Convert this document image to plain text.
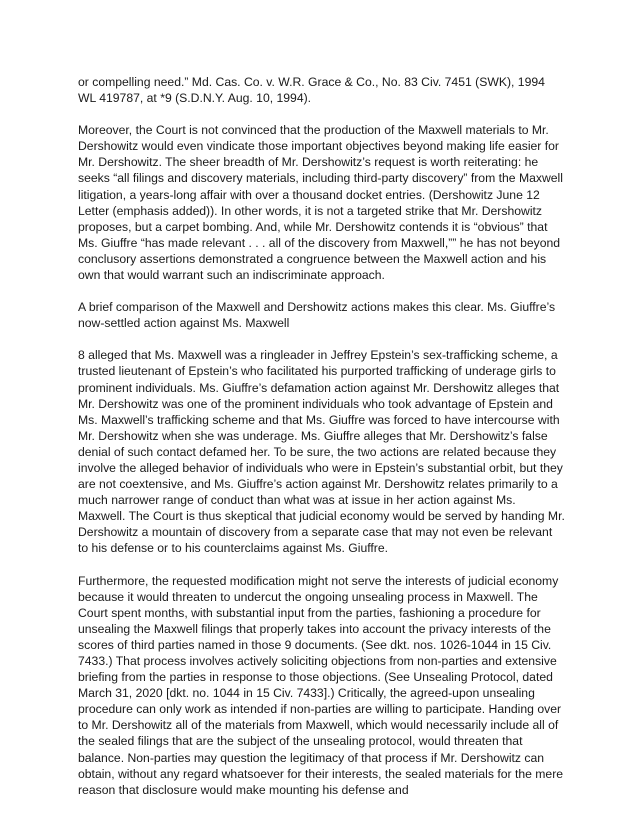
or compelling need.” Md. Cas. Co. v. W.R. Grace & Co., No. 83 Civ. 7451 (SWK), 1994 WL 419787, at *9 (S.D.N.Y. Aug. 10, 1994).

Moreover, the Court is not convinced that the production of the Maxwell materials to Mr. Dershowitz would even vindicate those important objectives beyond making life easier for Mr. Dershowitz. The sheer breadth of Mr. Dershowitz’s request is worth reiterating: he seeks “all filings and discovery materials, including third-party discovery” from the Maxwell litigation, a years-long affair with over a thousand docket entries. (Dershowitz June 12 Letter (emphasis added)). In other words, it is not a targeted strike that Mr. Dershowitz proposes, but a carpet bombing. And, while Mr. Dershowitz contends it is “obvious” that Ms. Giuffre “has made relevant . . . all of the discovery from Maxwell,”” he has not beyond conclusory assertions demonstrated a congruence between the Maxwell action and his own that would warrant such an indiscriminate approach.

A brief comparison of the Maxwell and Dershowitz actions makes this clear. Ms. Giuffre’s now-settled action against Ms. Maxwell

8 alleged that Ms. Maxwell was a ringleader in Jeffrey Epstein’s sex-trafficking scheme, a trusted lieutenant of Epstein’s who facilitated his purported trafficking of underage girls to prominent individuals. Ms. Giuffre’s defamation action against Mr. Dershowitz alleges that Mr. Dershowitz was one of the prominent individuals who took advantage of Epstein and Ms. Maxwell’s trafficking scheme and that Ms. Giuffre was forced to have intercourse with Mr. Dershowitz when she was underage. Ms. Giuffre alleges that Mr. Dershowitz’s false denial of such contact defamed her. To be sure, the two actions are related because they involve the alleged behavior of individuals who were in Epstein’s substantial orbit, but they are not coextensive, and Ms. Giuffre’s action against Mr. Dershowitz relates primarily to a much narrower range of conduct than what was at issue in her action against Ms. Maxwell. The Court is thus skeptical that judicial economy would be served by handing Mr. Dershowitz a mountain of discovery from a separate case that may not even be relevant to his defense or to his counterclaims against Ms. Giuffre.

Furthermore, the requested modification might not serve the interests of judicial economy because it would threaten to undercut the ongoing unsealing process in Maxwell. The Court spent months, with substantial input from the parties, fashioning a procedure for unsealing the Maxwell filings that properly takes into account the privacy interests of the scores of third parties named in those 9 documents. (See dkt. nos. 1026-1044 in 15 Civ. 7433.) That process involves actively soliciting objections from non-parties and extensive briefing from the parties in response to those objections. (See Unsealing Protocol, dated March 31, 2020 [dkt. no. 1044 in 15 Civ. 7433].) Critically, the agreed-upon unsealing procedure can only work as intended if non-parties are willing to participate. Handing over to Mr. Dershowitz all of the materials from Maxwell, which would necessarily include all of the sealed filings that are the subject of the unsealing protocol, would threaten that balance. Non-parties may question the legitimacy of that process if Mr. Dershowitz can obtain, without any regard whatsoever for their interests, the sealed materials for the mere reason that disclosure would make mounting his defense and
